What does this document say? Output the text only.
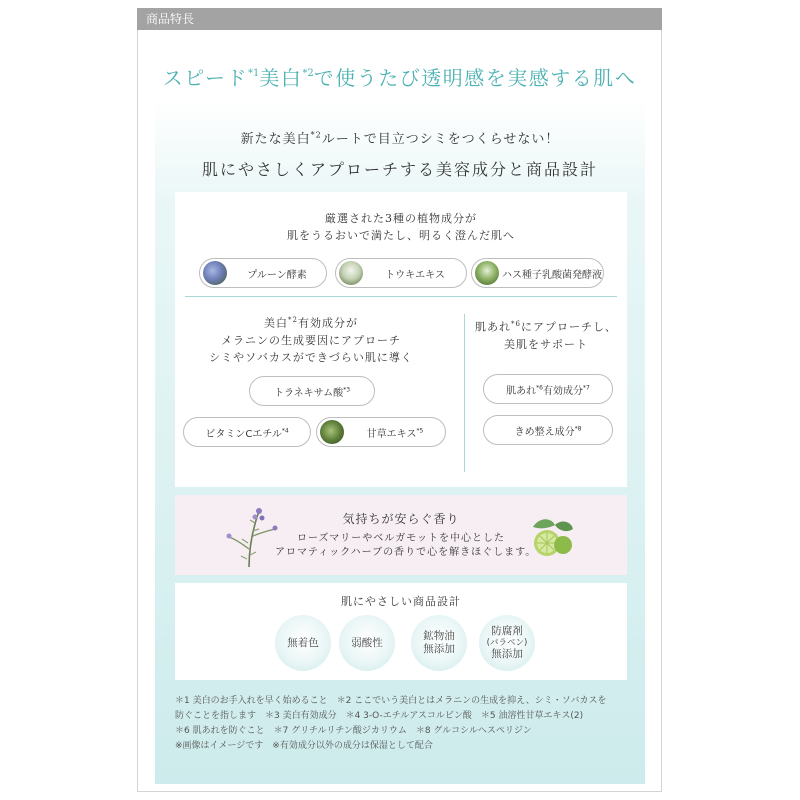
商品特長
スピード$^{*1}$美白$^{*2}$で使うたび透明感を実感する肌へ
新たな美白$^{*2}$ルートで目立つシミをつくらせない！
肌にやさしくアプローチする美容成分と商品設計
厳選された3種の植物成分が
肌をうるおいで満たし、明るく澄んだ肌へ
プルーン酵素	トウキエキス	ハス種子乳酸菌発酵液
美白$^{*2}$有効成分が
メラニンの生成要因にアプローチ
シミやソバカスができづらい肌に導く
トラネキサム酸$^{*3}$
ビタミンCエチル$^{*4}$	甘草エキス$^{*5}$
肌あれ$^{*6}$にアプローチし、
美肌をサポート
肌あれ$^{*6}$有効成分$^{*7}$
きめ整え成分$^{*8}$
気持ちが安らぐ香り
ローズマリーやベルガモットを中心とした
アロマティックハーブの香りで心を解きほぐします。
肌にやさしい商品設計
無着色	弱酸性
鉱物油
無添加
防腐剤
(パラベン)
無添加
＊1 美白のお手入れを早く始めること　＊2 ここでいう美白とはメラニンの生成を抑え、シミ・ソバカスを
防ぐことを指します　＊3 美白有効成分　＊4 3-O-エチルアスコルビン酸　＊5 油溶性甘草エキス(2)
＊6 肌あれを防ぐこと　＊7 グリチルリチン酸ジカリウム　＊8 グルコシルヘスペリジン
※画像はイメージです　※有効成分以外の成分は保湿として配合
